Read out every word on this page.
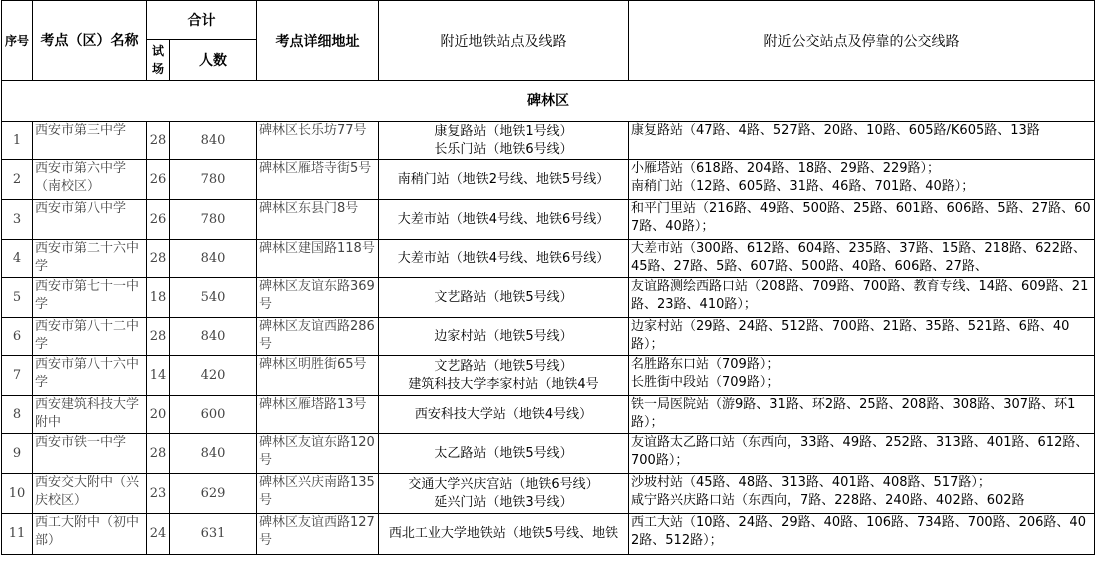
序号	考点（区）名称	合计		考点详细地址	附近地铁站点及线路	附近公交站点及停靠的公交线路
		试场	人数			
碑林区						
1	西安市第三中学	28	840	碑林区长乐坊77号	康复路站（地铁1号线）
长乐门站（地铁6号线）	康复路站（47路、4路、527路、20路、10路、605路/K605路、13路
2	西安市第六中学（南校区）	26	780	碑林区雁塔寺街5号	南稍门站（地铁2号线、地铁5号线）	小雁塔站（618路、204路、18路、29路、229路）；
南稍门站（12路、605路、31路、46路、701路、40路）；
3	西安市第八中学	26	780	碑林区东县门8号	大差市站（地铁4号线、地铁6号线）	和平门里站（216路、49路、500路、25路、601路、606路、5路、27路、607路、40路）；
4	西安市第二十六中学	28	840	碑林区建国路118号	大差市站（地铁4号线、地铁6号线）	大差市站（300路、612路、604路、235路、37路、15路、218路、622路、45路、27路、5路、607路、500路、40路、606路、27路、
5	西安市第七十一中学	18	540	碑林区友谊东路369号	文艺路站（地铁5号线）	友谊路测绘西路口站（208路、709路、700路、教育专线、14路、609路、21路、23路、410路）；
6	西安市第八十二中学	28	840	碑林区友谊西路286号	边家村站（地铁5号线）	边家村站（29路、24路、512路、700路、21路、35路、521路、6路、40路）；
7	西安市第八十六中学	14	420	碑林区明胜街65号	文艺路站（地铁5号线）
建筑科技大学李家村站（地铁4号	名胜路东口站（709路）；
长胜街中段站（709路）；
8	西安建筑科技大学附中	20	600	碑林区雁塔路13号	西安科技大学站（地铁4号线）	铁一局医院站（游9路、31路、环2路、25路、208路、308路、307路、环1路）；
9	西安市铁一中学	28	840	碑林区友谊东路120号	太乙路站（地铁5号线）	友谊路太乙路口站（东西向，33路、49路、252路、313路、401路、612路、700路）；
10	西安交大附中（兴庆校区）	23	629	碑林区兴庆南路135号	交通大学兴庆宫站（地铁6号线）
延兴门站（地铁3号线）	沙坡村站（45路、48路、313路、401路、408路、517路）；
咸宁路兴庆路口站（东西向，7路、228路、240路、402路、602路
11	西工大附中（初中部）	24	631	碑林区友谊西路127号	西北工业大学地铁站（地铁5号线、地铁	西工大站（10路、24路、29路、40路、106路、734路、700路、206路、402路、512路）；
